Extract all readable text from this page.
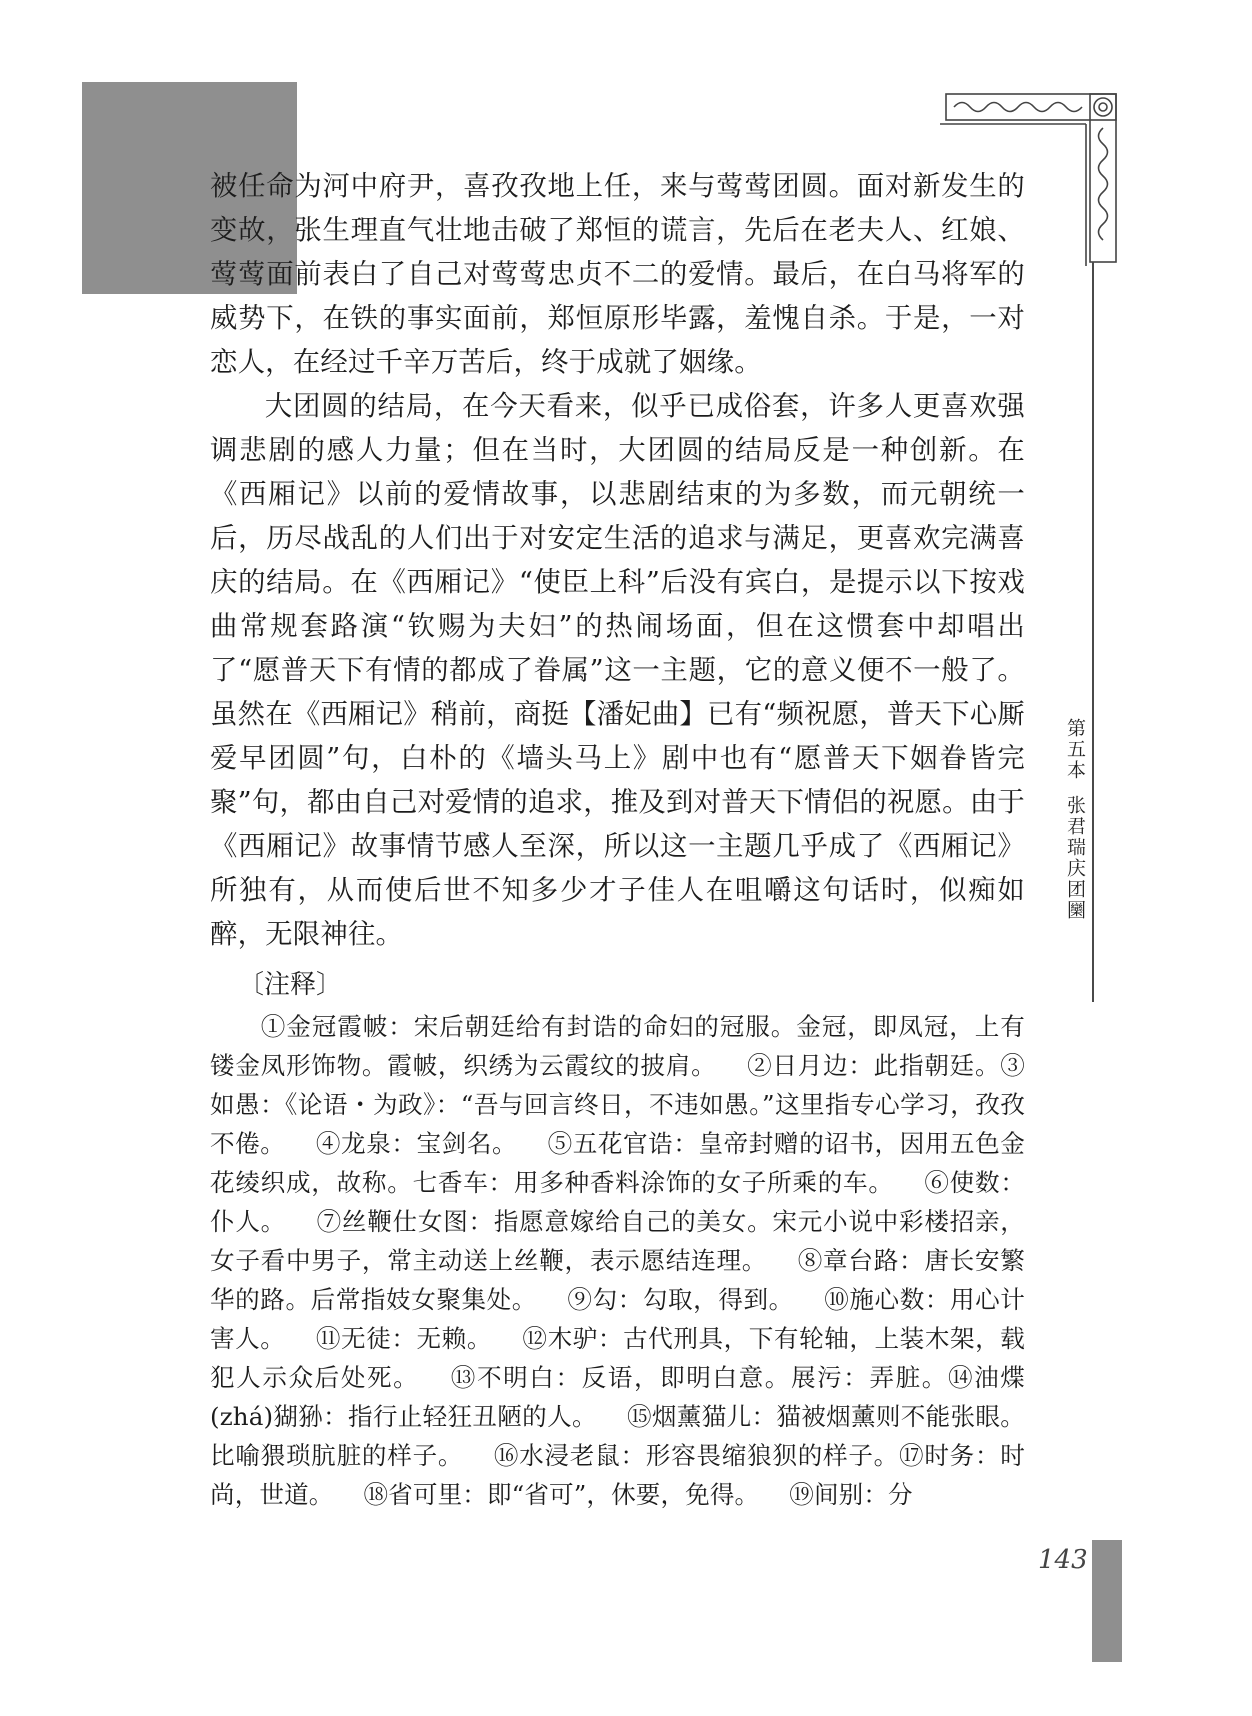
第五本张君瑞庆团圞

被任命为河中府尹，喜孜孜地上任，来与莺莺团圆。面对新发生的变故，张生理直气壮地击破了郑恒的谎言，先后在老夫人、红娘、莺莺面前表白了自己对莺莺忠贞不二的爱情。最后，在白马将军的威势下，在铁的事实面前，郑恒原形毕露，羞愧自杀。于是，一对恋人，在经过千辛万苦后，终于成就了姻缘。

大团圆的结局，在今天看来，似乎已成俗套，许多人更喜欢强调悲剧的感人力量；但在当时，大团圆的结局反是一种创新。在《西厢记》以前的爱情故事，以悲剧结束的为多数，而元朝统一后，历尽战乱的人们出于对安定生活的追求与满足，更喜欢完满喜庆的结局。在《西厢记》“使臣上科”后没有宾白，是提示以下按戏曲常规套路演“钦赐为夫妇”的热闹场面，但在这惯套中却唱出了“愿普天下有情的都成了眷属”这一主题，它的意义便不一般了。虽然在《西厢记》稍前，商挺【潘妃曲】已有“频祝愿，普天下心厮爱早团圆”句，白朴的《墙头马上》剧中也有“愿普天下姻眷皆完聚”句，都由自己对爱情的追求，推及到对普天下情侣的祝愿。由于《西厢记》故事情节感人至深，所以这一主题几乎成了《西厢记》所独有，从而使后世不知多少才子佳人在咀嚼这句话时，似痴如醉，无限神往。

〔注释〕

①金冠霞帔：宋后朝廷给有封诰的命妇的冠服。金冠，即凤冠，上有镂金凤形饰物。霞帔，织绣为云霞纹的披肩。 ②日月边：此指朝廷。③如愚：《论语・为政》：“吾与回言终日，不违如愚。”这里指专心学习，孜孜不倦。 ④龙泉：宝剑名。 ⑤五花官诰：皇帝封赠的诏书，因用五色金花绫织成，故称。七香车：用多种香料涂饰的女子所乘的车。 ⑥使数：仆人。 ⑦丝鞭仕女图：指愿意嫁给自己的美女。宋元小说中彩楼招亲，女子看中男子，常主动送上丝鞭，表示愿结连理。 ⑧章台路：唐长安繁华的路。后常指妓女聚集处。 ⑨勾：勾取，得到。 ⑩施心数：用心计害人。 ⑪无徒：无赖。 ⑫木驴：古代刑具，下有轮轴，上装木架，载犯人示众后处死。 ⑬不明白：反语，即明白意。展污：弄脏。⑭油煠(zhá)猢狲：指行止轻狂丑陋的人。 ⑮烟薰猫儿：猫被烟薰则不能张眼。比喻猥琐肮脏的样子。 ⑯水浸老鼠：形容畏缩狼狈的样子。⑰时务：时尚，世道。 ⑱省可里：即“省可”，休要，免得。 ⑲间别：分

143
